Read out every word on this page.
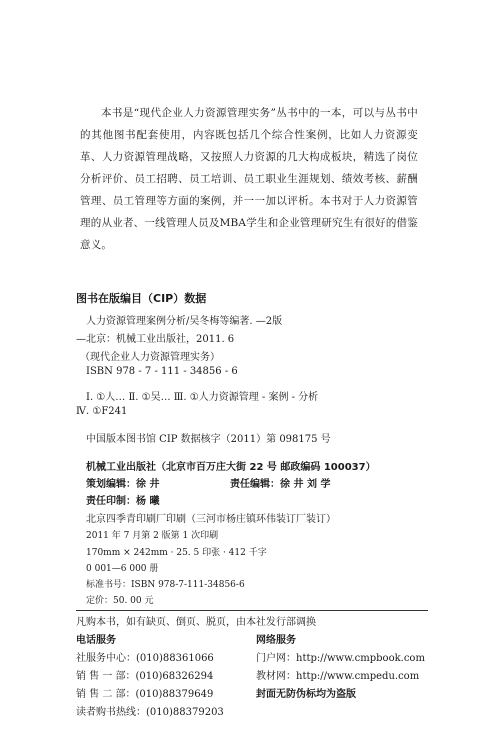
本书是“现代企业人力资源管理实务”丛书中的一本，可以与丛书中的其他图书配套使用，内容既包括几个综合性案例，比如人力资源变革、人力资源管理战略，又按照人力资源的几大构成板块，精选了岗位分析评价、员工招聘、员工培训、员工职业生涯规划、绩效考核、薪酬管理、员工管理等方面的案例，并一一加以评析。本书对于人力资源管理的从业者、一线管理人员及MBA学生和企业管理研究生有很好的借鉴意义。

图书在版编目（CIP）数据
人力资源管理案例分析/吴冬梅等编著. —2版
—北京：机械工业出版社，2011. 6
（现代企业人力资源管理实务）
ISBN 978 - 7 - 111 - 34856 - 6
Ⅰ. ①人… Ⅱ. ①吴… Ⅲ. ①人力资源管理 - 案例 - 分析
Ⅳ. ①F241
中国版本图书馆 CIP 数据核字（2011）第 098175 号
机械工业出版社（北京市百万庄大街 22 号 邮政编码 100037）
策划编辑：徐 井	责任编辑：徐 井 刘 学
责任印制：杨 曦
北京四季青印刷厂印刷（三河市杨庄镇环伟装订厂装订）
2011 年 7 月第 2 版第 1 次印刷
170mm × 242mm · 25. 5 印张 · 412 千字
0 001—6 000 册
标准书号：ISBN 978-7-111-34856-6
定价：50. 00 元
凡购本书，如有缺页、倒页、脱页，由本社发行部调换
电话服务	网络服务
社服务中心：(010)88361066
销 售 一 部：(010)68326294
销 售 二 部：(010)88379649
读者购书热线：(010)88379203
门户网：http://www.cmpbook.com
教材网：http://www.cmpedu.com
封面无防伪标均为盗版
